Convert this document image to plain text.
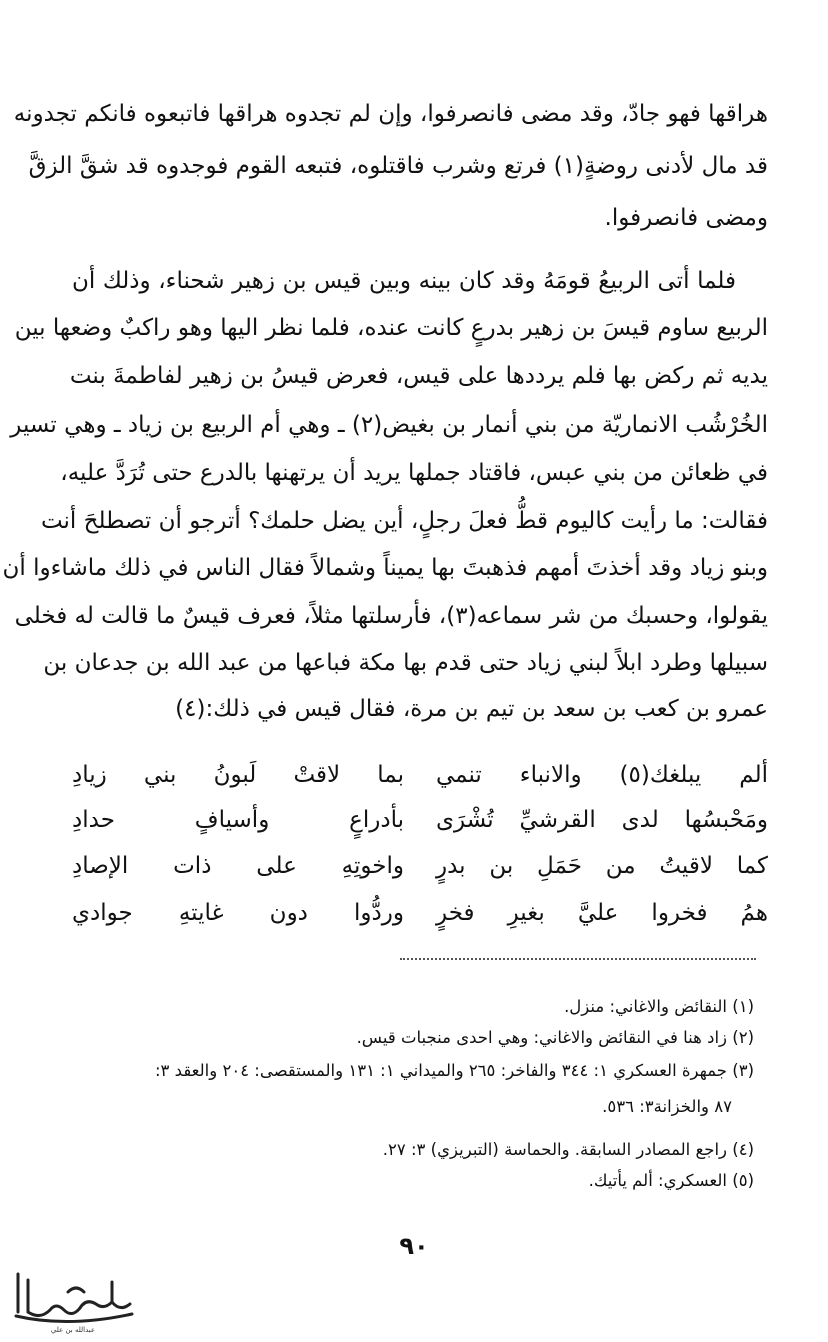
هراقها فهو جادّ، وقد مضى فانصرفوا، وإن لم تجدوه هراقها فاتبعوه فانكم تجدونه
قد مال لأدنى روضةٍ(١) فرتع وشرب فاقتلوه، فتبعه القوم فوجدوه قد شقَّ الزقَّ
ومضى فانصرفوا.
فلما أتى الربيعُ قومَهُ وقد كان بينه وبين قيس بن زهير شحناء، وذلك أن
الربيع ساوم قيسَ بن زهير بدرعٍ كانت عنده، فلما نظر اليها وهو راكبٌ وضعها بين
يديه ثم ركض بها فلم يرددها على قيس، فعرض قيسُ بن زهير لفاطمةَ بنت
الخُرْشُب الانماريّة من بني أنمار بن بغيض(٢) ـ وهي أم الربيع بن زياد ـ وهي تسير
في ظعائن من بني عبس، فاقتاد جملها يريد أن يرتهنها بالدرع حتى تُرَدَّ عليه،
فقالت: ما رأيت كاليوم قطُّ فعلَ رجلٍ، أين يضل حلمك؟ أترجو أن تصطلحَ أنت
وبنو زياد وقد أخذتَ أمهم فذهبتَ بها يميناً وشمالاً فقال الناس في ذلك ماشاءوا أن
يقولوا، وحسبك من شر سماعه(٣)، فأرسلتها مثلاً، فعرف قيسٌ ما قالت له فخلى
سبيلها وطرد ابلاً لبني زياد حتى قدم بها مكة فباعها من عبد الله بن جدعان بن
عمرو بن كعب بن سعد بن تيم بن مرة، فقال قيس في ذلك:(٤)
ألم يبلغك(٥) والانباء تنمي
بما لاقتْ لَبونُ بني زيادِ
ومَحْبسُها لدى القرشيِّ تُشْرَى
بأدراعٍ وأسيافٍ حدادِ
كما لاقيتُ من حَمَلِ بن بدرٍ
واخوتِهِ على ذات الإصادِ
همُ فخروا عليَّ بغيرِ فخرٍ
وردُّوا دون غايتهِ جوادي
(١) النقائض والاغاني: منزل.
(٢) زاد هنا في النقائض والاغاني: وهي احدى منجبات قيس.
(٣) جمهرة العسكري ١: ٣٤٤ والفاخر: ٢٦٥ والميداني ١: ١٣١ والمستقصى: ٢٠٤ والعقد ٣:
٨٧ والخزانة٣: ٥٣٦.
(٤) راجع المصادر السابقة. والحماسة (التبريزي) ٣: ٢٧.
(٥) العسكري: ألم يأتيك.
٩٠
عبدالله بن علي
